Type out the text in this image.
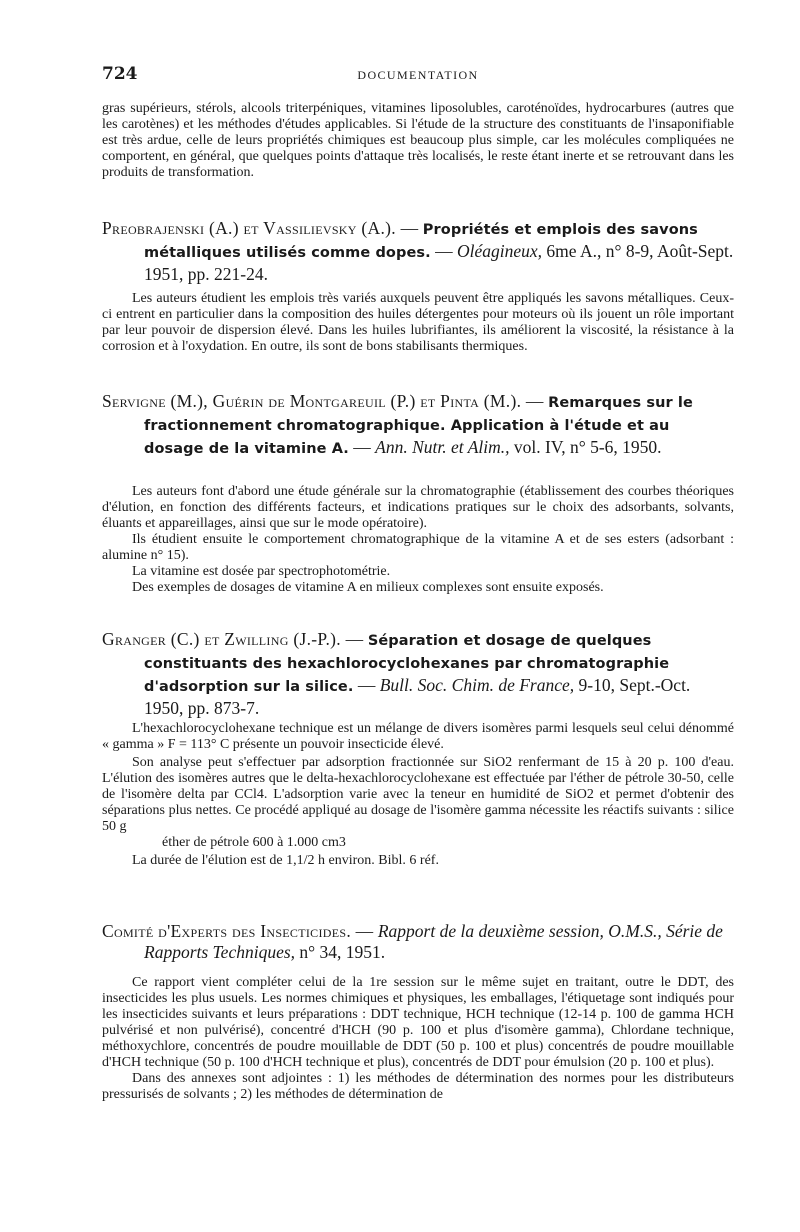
724	DOCUMENTATION

gras supérieurs, stérols, alcools triterpéniques, vitamines liposolubles, caroténoïdes, hydrocarbures (autres que les carotènes) et les méthodes d'études applicables. Si l'étude de la structure des constituants de l'insaponifiable est très ardue, celle de leurs propriétés chimiques est beaucoup plus simple, car les molécules compliquées ne comportent, en général, que quelques points d'attaque très localisés, le reste étant inerte et se retrouvant dans les produits de transformation.

Preobrajenski (A.) et Vassilievsky (A.). — Propriétés et emplois des savons métalliques utilisés comme dopes. — Oléagineux, 6me A., n° 8-9, Août-Sept. 1951, pp. 221-24.

Les auteurs étudient les emplois très variés auxquels peuvent être appliqués les savons métalliques. Ceux-ci entrent en particulier dans la composition des huiles détergentes pour moteurs où ils jouent un rôle important par leur pouvoir de dispersion élevé. Dans les huiles lubrifiantes, ils améliorent la viscosité, la résistance à la corrosion et à l'oxydation. En outre, ils sont de bons stabilisants thermiques.

Servigne (M.), Guérin de Montgareuil (P.) et Pinta (M.). — Remarques sur le fractionnement chromatographique. Application à l'étude et au dosage de la vitamine A. — Ann. Nutr. et Alim., vol. IV, n° 5-6, 1950.

Les auteurs font d'abord une étude générale sur la chromatographie (établissement des courbes théoriques d'élution, en fonction des différents facteurs, et indications pratiques sur le choix des adsorbants, solvants, éluants et appareillages, ainsi que sur le mode opératoire).

Ils étudient ensuite le comportement chromatographique de la vitamine A et de ses esters (adsorbant : alumine n° 15).

La vitamine est dosée par spectrophotométrie.

Des exemples de dosages de vitamine A en milieux complexes sont ensuite exposés.

Granger (C.) et Zwilling (J.-P.). — Séparation et dosage de quelques constituants des hexachlorocyclohexanes par chromatographie d'adsorption sur la silice. — Bull. Soc. Chim. de France, 9-10, Sept.-Oct. 1950, pp. 873-7.

L'hexachlorocyclohexane technique est un mélange de divers isomères parmi lesquels seul celui dénommé « gamma » F = 113° C présente un pouvoir insecticide élevé.

Son analyse peut s'effectuer par adsorption fractionnée sur SiO2 renfermant de 15 à 20 p. 100 d'eau. L'élution des isomères autres que le delta-hexachlorocyclohexane est effectuée par l'éther de pétrole 30-50, celle de l'isomère delta par CCl4. L'adsorption varie avec la teneur en humidité de SiO2 et permet d'obtenir des séparations plus nettes. Ce procédé appliqué au dosage de l'isomère gamma nécessite les réactifs suivants : silice 50 g

éther de pétrole 600 à 1.000 cm3

La durée de l'élution est de 1,1/2 h environ. Bibl. 6 réf.

Comité d'Experts des Insecticides. — Rapport de la deuxième session, O.M.S., Série de Rapports Techniques, n° 34, 1951.

Ce rapport vient compléter celui de la 1re session sur le même sujet en traitant, outre le DDT, des insecticides les plus usuels. Les normes chimiques et physiques, les emballages, l'étiquetage sont indiqués pour les insecticides suivants et leurs préparations : DDT technique, HCH technique (12-14 p. 100 de gamma HCH pulvérisé et non pulvérisé), concentré d'HCH (90 p. 100 et plus d'isomère gamma), Chlordane technique, méthoxychlore, concentrés de poudre mouillable de DDT (50 p. 100 et plus) concentrés de poudre mouillable d'HCH technique (50 p. 100 d'HCH technique et plus), concentrés de DDT pour émulsion (20 p. 100 et plus).

Dans des annexes sont adjointes : 1) les méthodes de détermination des normes pour les distributeurs pressurisés de solvants ; 2) les méthodes de détermination de
